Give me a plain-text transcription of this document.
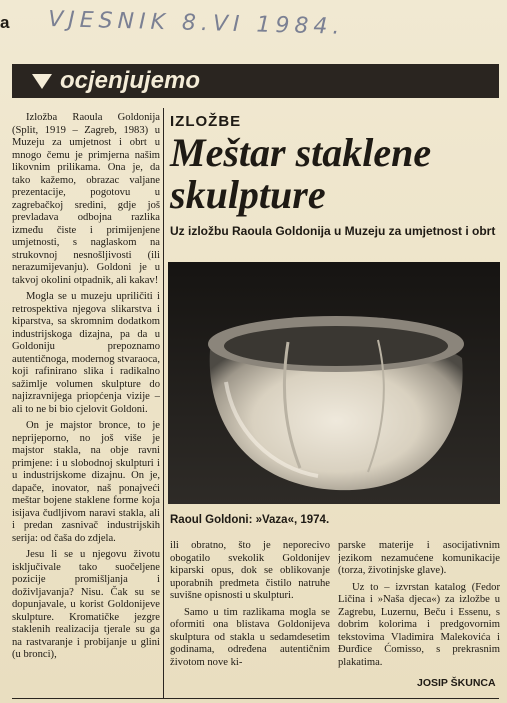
a VJESNIK 8.VI 1984.
ocjenjujemo
IZLOŽBE
Meštar staklene
skulpture
Uz izložbu Raoula Goldonija u Muzeju za umjetnost i obrt
Raoul Goldoni: »Vaza«, 1974.

Izložba Raoula Goldonija (Split, 1919 – Zagreb, 1983) u Muzeju za umjetnost i obrt u mnogo čemu je primjerna našim likovnim prilikama. Ona je, da tako kažemo, obrazac valjane prezentacije, pogotovu u zagrebačkoj sredini, gdje još prevladava odbojna razlika između čiste i primijenjene umjetnosti, s naglaskom na strukovnoj nesnošljivosti (ili nerazumijevanju). Goldoni je u takvoj okolini otpadnik, ali kakav!

Mogla se u muzeju upriličiti i retrospektiva njegova slikarstva i kiparstva, sa skromnim dodatkom industrijskoga dizajna, pa da u Goldoniju prepoznamo autentičnoga, modernog stvaraoca, koji rafinirano slika i radikalno sažimlje volumen skulpture do najizravnijega priopćenja vizije – ali to ne bi bio cjelovit Goldoni.

On je majstor bronce, to je neprijeporno, no još više je majstor stakla, na obje ravni primjene: i u slobodnoj skulpturi i u industrijskome dizajnu. On je, dapače, inovator, naš ponajveći meštar bojene staklene forme koja isijava čudljivom naravi stakla, ali i predan zasnivač industrijskih serija: od čaša do zdjela.

Jesu li se u njegovu životu isključivale tako suočeljene pozicije promišljanja i doživljavanja? Nisu. Čak su se dopunjavale, u korist Goldonijeve skulpture. Kromatičke jezgre staklenih realizacija tjerale su ga na rastvaranje i probijanje u glini (u bronci),

ili obratno, što je neporecivo obogatilo svekolik Goldonijev kiparski opus, dok se oblikovanje uporabnih predmeta čistilo natruhe suvišne opisnosti u skulpturi.

Samo u tim razlikama mogla se oformiti ona blistava Goldonijeva skulptura od stakla u sedamdesetim godinama, određena autentičnim životom nove ki-

parske materije i asocijativnim jezikom nezamućene komunikacije (torza, životinjske glave).

Uz to – izvrstan katalog (Fedor Ličina i »Naša djeca«) za izložbe u Zagrebu, Luzernu, Beču i Essenu, s dobrim kolorima i predgovornim tekstovima Vladimira Malekovića i Đurđice Ćomisso, s prekrasnim plakatima.

JOSIP ŠKUNCA
